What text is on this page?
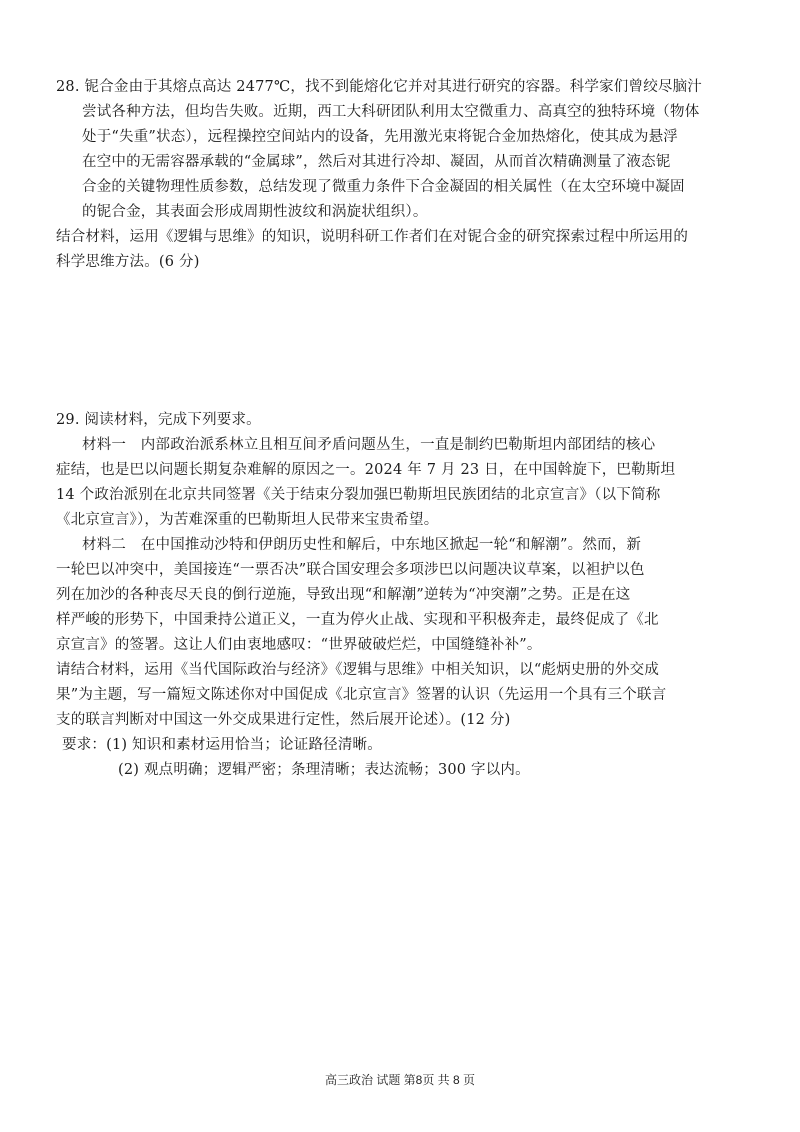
28. 铌合金由于其熔点高达 2477℃，找不到能熔化它并对其进行研究的容器。科学家们曾绞尽脑汁
尝试各种方法，但均告失败。近期，西工大科研团队利用太空微重力、高真空的独特环境（物体
处于“失重”状态），远程操控空间站内的设备，先用激光束将铌合金加热熔化，使其成为悬浮
在空中的无需容器承载的“金属球”，然后对其进行冷却、凝固，从而首次精确测量了液态铌
合金的关键物理性质参数，总结发现了微重力条件下合金凝固的相关属性（在太空环境中凝固
的铌合金，其表面会形成周期性波纹和涡旋状组织）。
结合材料，运用《逻辑与思维》的知识，说明科研工作者们在对铌合金的研究探索过程中所运用的
科学思维方法。(6 分)
29. 阅读材料，完成下列要求。
材料一　内部政治派系林立且相互间矛盾问题丛生，一直是制约巴勒斯坦内部团结的核心
症结，也是巴以问题长期复杂难解的原因之一。2024 年 7 月 23 日，在中国斡旋下，巴勒斯坦
14 个政治派别在北京共同签署《关于结束分裂加强巴勒斯坦民族团结的北京宣言》（以下简称
《北京宣言》），为苦难深重的巴勒斯坦人民带来宝贵希望。
材料二　在中国推动沙特和伊朗历史性和解后，中东地区掀起一轮“和解潮”。然而，新
一轮巴以冲突中，美国接连“一票否决”联合国安理会多项涉巴以问题决议草案，以袒护以色
列在加沙的各种丧尽天良的倒行逆施，导致出现“和解潮”逆转为“冲突潮”之势。正是在这
样严峻的形势下，中国秉持公道正义，一直为停火止战、实现和平积极奔走，最终促成了《北
京宣言》的签署。这让人们由衷地感叹：“世界破破烂烂，中国缝缝补补”。
请结合材料，运用《当代国际政治与经济》《逻辑与思维》中相关知识，以“彪炳史册的外交成
果”为主题，写一篇短文陈述你对中国促成《北京宣言》签署的认识（先运用一个具有三个联言
支的联言判断对中国这一外交成果进行定性，然后展开论述）。(12 分)
要求：(1) 知识和素材运用恰当；论证路径清晰。
(2) 观点明确；逻辑严密；条理清晰；表达流畅；300 字以内。
高三政治 试题 第8页 共 8 页
